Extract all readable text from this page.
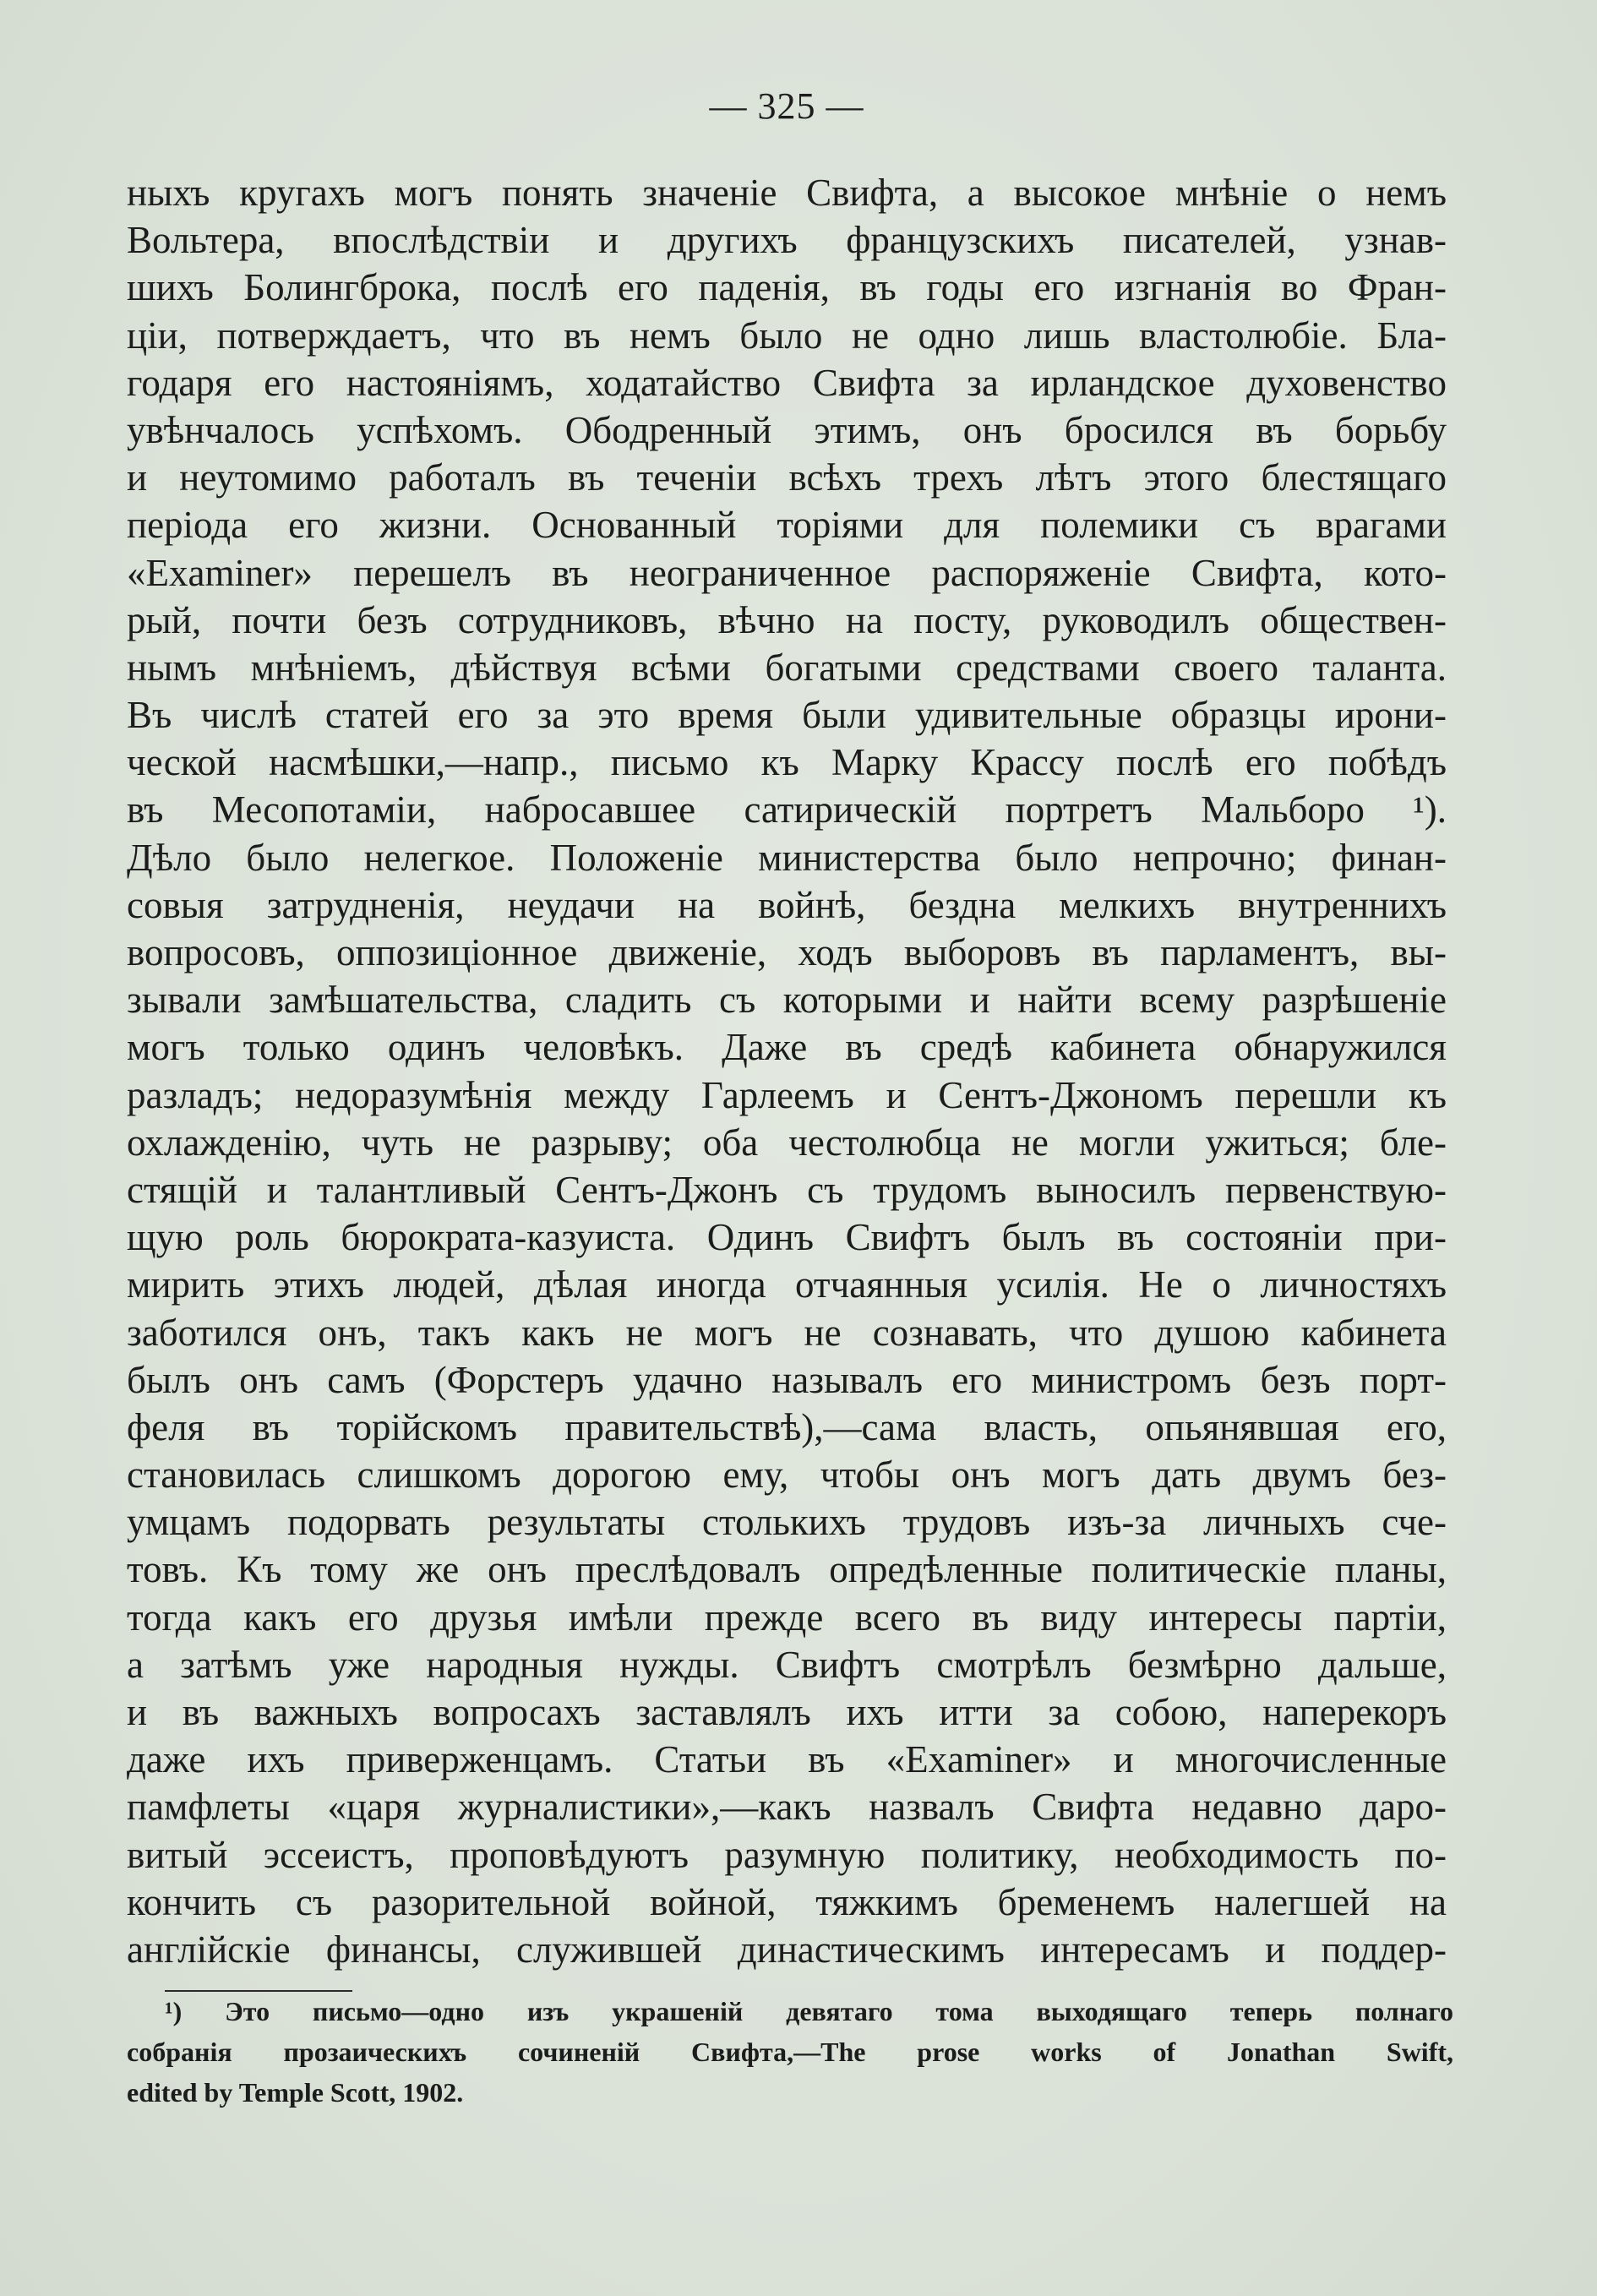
— 325 —
ныхъ кругахъ могъ понять значеніе Свифта, а высокое мнѣніе о немъ
Вольтера, впослѣдствіи и другихъ французскихъ писателей, узнав-
шихъ Болингброка, послѣ его паденія, въ годы его изгнанія во Фран-
ціи, потверждаетъ, что въ немъ было не одно лишь властолюбіе. Бла-
годаря его настояніямъ, ходатайство Свифта за ирландское духовенство
увѣнчалось успѣхомъ. Ободренный этимъ, онъ бросился въ борьбу
и неутомимо работалъ въ теченіи всѣхъ трехъ лѣтъ этого блестящаго
періода его жизни. Основанный торіями для полемики съ врагами
«Examiner» перешелъ въ неограниченное распоряженіе Свифта, кото-
рый, почти безъ сотрудниковъ, вѣчно на посту, руководилъ обществен-
нымъ мнѣніемъ, дѣйствуя всѣми богатыми средствами своего таланта.
Въ числѣ статей его за это время были удивительные образцы ирони-
ческой насмѣшки,—напр., письмо къ Марку Крассу послѣ его побѣдъ
въ Месопотаміи, набросавшее сатирическій портретъ Мальборо ¹).
Дѣло было нелегкое. Положеніе министерства было непрочно; финан-
совыя затрудненія, неудачи на войнѣ, бездна мелкихъ внутреннихъ
вопросовъ, оппозиціонное движеніе, ходъ выборовъ въ парламентъ, вы-
зывали замѣшательства, сладить съ которыми и найти всему разрѣшеніе
могъ только одинъ человѣкъ. Даже въ средѣ кабинета обнаружился
разладъ; недоразумѣнія между Гарлеемъ и Сентъ-Джономъ перешли къ
охлажденію, чуть не разрыву; оба честолюбца не могли ужиться; бле-
стящій и талантливый Сентъ-Джонъ съ трудомъ выносилъ первенствую-
щую роль бюрократа-казуиста. Одинъ Свифтъ былъ въ состояніи при-
мирить этихъ людей, дѣлая иногда отчаянныя усилія. Не о личностяхъ
заботился онъ, такъ какъ не могъ не сознавать, что душою кабинета
былъ онъ самъ (Форстеръ удачно называлъ его министромъ безъ порт-
феля въ торійскомъ правительствѣ),—сама власть, опьянявшая его,
становилась слишкомъ дорогою ему, чтобы онъ могъ дать двумъ без-
умцамъ подорвать результаты столькихъ трудовъ изъ-за личныхъ сче-
товъ. Къ тому же онъ преслѣдовалъ опредѣленные политическіе планы,
тогда какъ его друзья имѣли прежде всего въ виду интересы партіи,
а затѣмъ уже народныя нужды. Свифтъ смотрѣлъ безмѣрно дальше,
и въ важныхъ вопросахъ заставлялъ ихъ итти за собою, наперекоръ
даже ихъ приверженцамъ. Статьи въ «Examiner» и многочисленные
памфлеты «царя журналистики»,—какъ назвалъ Свифта недавно даро-
витый эссеистъ, проповѣдуютъ разумную политику, необходимость по-
кончить съ разорительной войной, тяжкимъ бременемъ налегшей на
англійскіе финансы, служившей династическимъ интересамъ и поддер-
¹) Это письмо—одно изъ украшеній девятаго тома выходящаго теперь полнаго
собранія прозаическихъ сочиненій Свифта,—The prose works of Jonathan Swift,
edited by Temple Scott, 1902.
